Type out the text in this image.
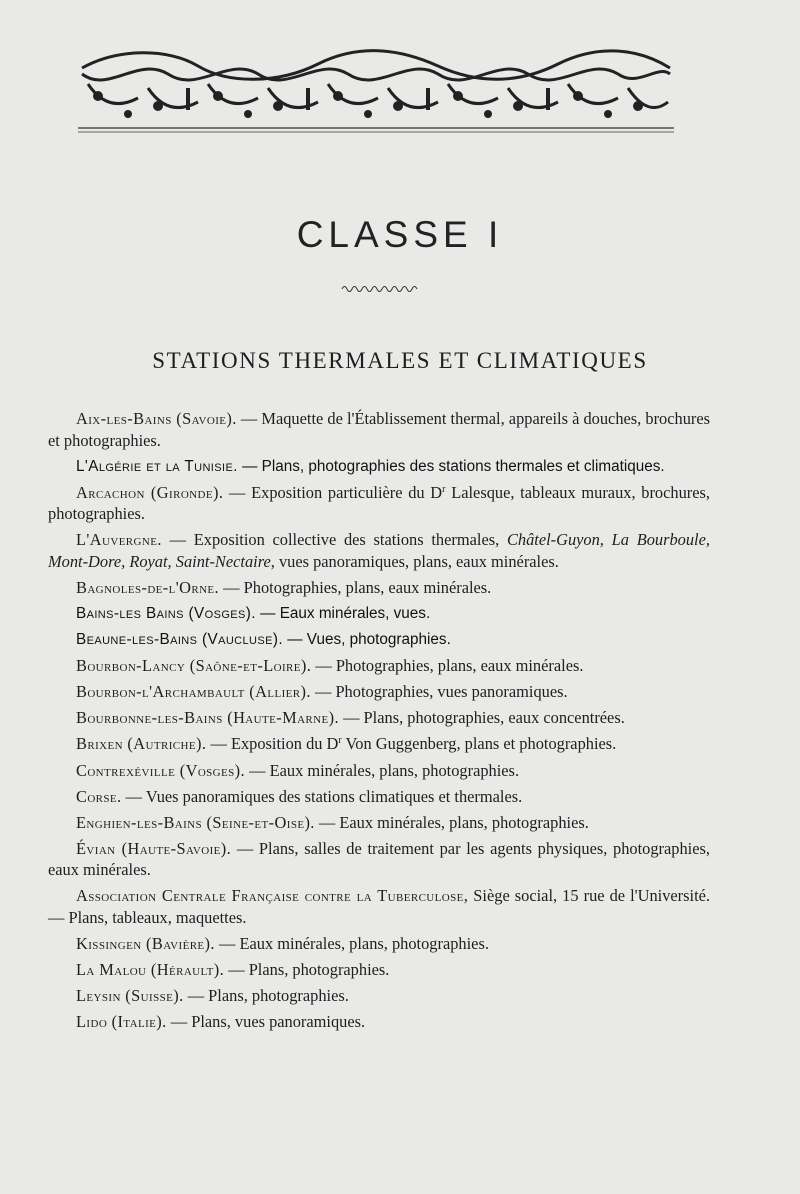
CLASSE I
STATIONS THERMALES ET CLIMATIQUES

Aix-les-Bains (Savoie). — Maquette de l'Établissement thermal, appareils à douches, brochures et photographies.

L'Algérie et la Tunisie. — Plans, photographies des stations thermales et climatiques.

Arcachon (Gironde). — Exposition particulière du $D^r$ Lalesque, tableaux muraux, brochures, photographies.

L'Auvergne. — Exposition collective des stations thermales, Châtel-Guyon, La Bourboule, Mont-Dore, Royat, Saint-Nectaire, vues panoramiques, plans, eaux minérales.

Bagnoles-de-l'Orne. — Photographies, plans, eaux minérales.

Bains-les Bains (Vosges). — Eaux minérales, vues.

Beaune-les-Bains (Vaucluse). — Vues, photographies.

Bourbon-Lancy (Saône-et-Loire). — Photographies, plans, eaux minérales.

Bourbon-l'Archambault (Allier). — Photographies, vues panoramiques.

Bourbonne-les-Bains (Haute-Marne). — Plans, photographies, eaux concentrées.

Brixen (Autriche). — Exposition du $D^r$ Von Guggenberg, plans et photographies.

Contrexéville (Vosges). — Eaux minérales, plans, photographies.

Corse. — Vues panoramiques des stations climatiques et thermales.

Enghien-les-Bains (Seine-et-Oise). — Eaux minérales, plans, photographies.

Évian (Haute-Savoie). — Plans, salles de traitement par les agents physiques, photographies, eaux minérales.

Association Centrale Française contre la Tuberculose, Siège social, 15 rue de l'Université. — Plans, tableaux, maquettes.

Kissingen (Bavière). — Eaux minérales, plans, photographies.

La Malou (Hérault). — Plans, photographies.

Leysin (Suisse). — Plans, photographies.

Lido (Italie). — Plans, vues panoramiques.
